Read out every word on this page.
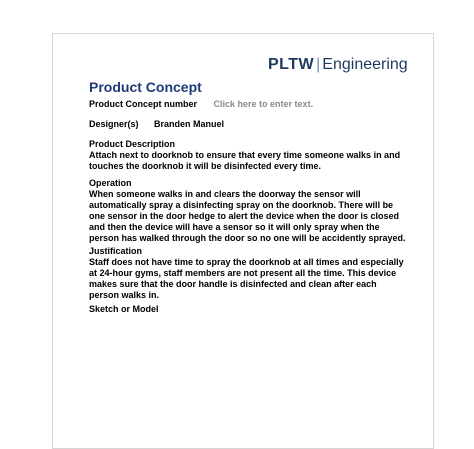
PLTW | Engineering
Product Concept
Product Concept number Click here to enter text.
Designer(s) Branden Manuel

Product Description

Attach next to doorknob to ensure that every time someone walks in and touches the doorknob it will be disinfected every time.

Operation

When someone walks in and clears the doorway the sensor will automatically spray a disinfecting spray on the doorknob. There will be one sensor in the door hedge to alert the device when the door is closed and then the device will have a sensor so it will only spray when the person has walked through the door so no one will be accidently sprayed.

Justification

Staff does not have time to spray the doorknob at all times and especially at 24-hour gyms, staff members are not present all the time. This device makes sure that the door handle is disinfected and clean after each person walks in.

Sketch or Model
